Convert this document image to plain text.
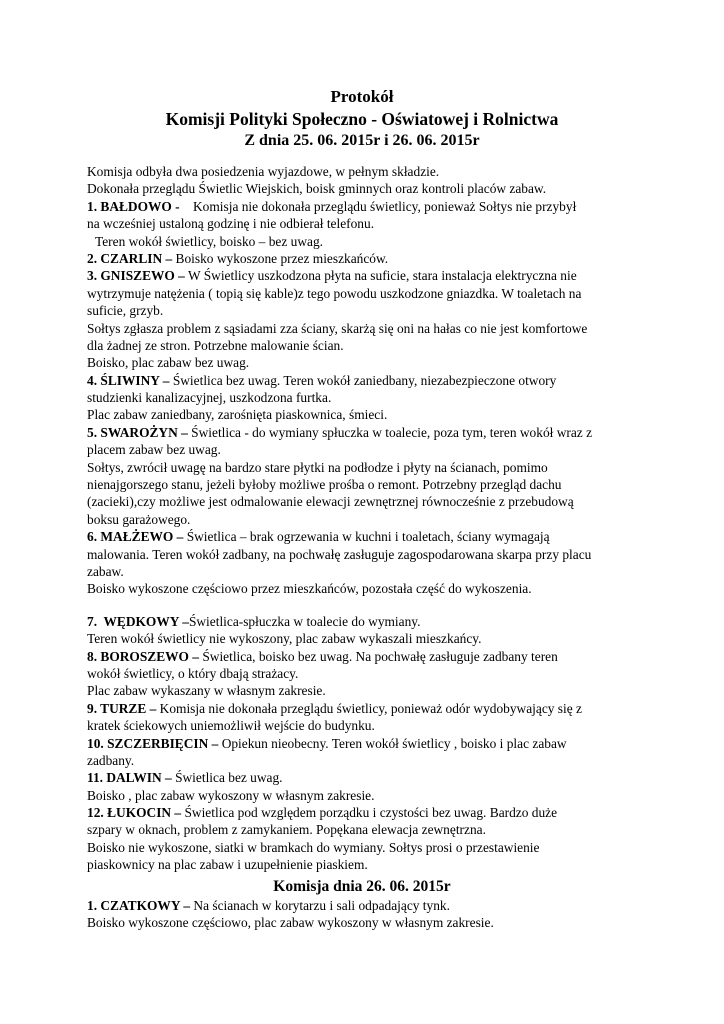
Protokół
Komisji Polityki Społeczno - Oświatowej i Rolnictwa
Z dnia 25. 06. 2015r i 26. 06. 2015r
Komisja odbyła dwa posiedzenia wyjazdowe, w pełnym składzie.
Dokonała przeglądu Świetlic Wiejskich, boisk gminnych oraz kontroli placów zabaw.
1. BAŁDOWO -    Komisja nie dokonała przeglądu świetlicy, ponieważ Sołtys nie przybył
na wcześniej ustaloną godzinę i nie odbierał telefonu.
Teren wokół świetlicy, boisko – bez uwag.
2. CZARLIN – Boisko wykoszone przez mieszkańców.
3. GNISZEWO – W Świetlicy uszkodzona płyta na suficie, stara instalacja elektryczna nie
wytrzymuje natężenia ( topią się kable)z tego powodu uszkodzone gniazdka. W toaletach na
suficie, grzyb.
Sołtys zgłasza problem z sąsiadami zza ściany, skarżą się oni na hałas co nie jest komfortowe
dla żadnej ze stron. Potrzebne malowanie ścian.
Boisko, plac zabaw bez uwag.
4. ŚLIWINY – Świetlica bez uwag. Teren wokół zaniedbany, niezabezpieczone otwory
studzienki kanalizacyjnej, uszkodzona furtka.
Plac zabaw zaniedbany, zarośnięta piaskownica, śmieci.
5. SWAROŻYN – Świetlica - do wymiany spłuczka w toalecie, poza tym, teren wokół wraz z
placem zabaw bez uwag.
Sołtys, zwrócił uwagę na bardzo stare płytki na podłodze i płyty na ścianach, pomimo
nienajgorszego stanu, jeżeli byłoby możliwe prośba o remont. Potrzebny przegląd dachu
(zacieki),czy możliwe jest odmalowanie elewacji zewnętrznej równocześnie z przebudową
boksu garażowego.
6. MAŁŻEWO – Świetlica – brak ogrzewania w kuchni i toaletach, ściany wymagają
malowania. Teren wokół zadbany, na pochwałę zasługuje zagospodarowana skarpa przy placu
zabaw.
Boisko wykoszone częściowo przez mieszkańców, pozostała część do wykoszenia.
7.  WĘDKOWY –Świetlica-spłuczka w toalecie do wymiany.
Teren wokół świetlicy nie wykoszony, plac zabaw wykaszali mieszkańcy.
8. BOROSZEWO – Świetlica, boisko bez uwag. Na pochwałę zasługuje zadbany teren
wokół świetlicy, o który dbają strażacy.
Plac zabaw wykaszany w własnym zakresie.
9. TURZE – Komisja nie dokonała przeglądu świetlicy, ponieważ odór wydobywający się z
kratek ściekowych uniemożliwił wejście do budynku.
10. SZCZERBIĘCIN – Opiekun nieobecny. Teren wokół świetlicy , boisko i plac zabaw
zadbany.
11. DALWIN – Świetlica bez uwag.
Boisko , plac zabaw wykoszony w własnym zakresie.
12. ŁUKOCIN – Świetlica pod względem porządku i czystości bez uwag. Bardzo duże
szpary w oknach, problem z zamykaniem. Popękana elewacja zewnętrzna.
Boisko nie wykoszone, siatki w bramkach do wymiany. Sołtys prosi o przestawienie
piaskownicy na plac zabaw i uzupełnienie piaskiem.
Komisja dnia 26. 06. 2015r
1. CZATKOWY – Na ścianach w korytarzu i sali odpadający tynk.
Boisko wykoszone częściowo, plac zabaw wykoszony w własnym zakresie.
